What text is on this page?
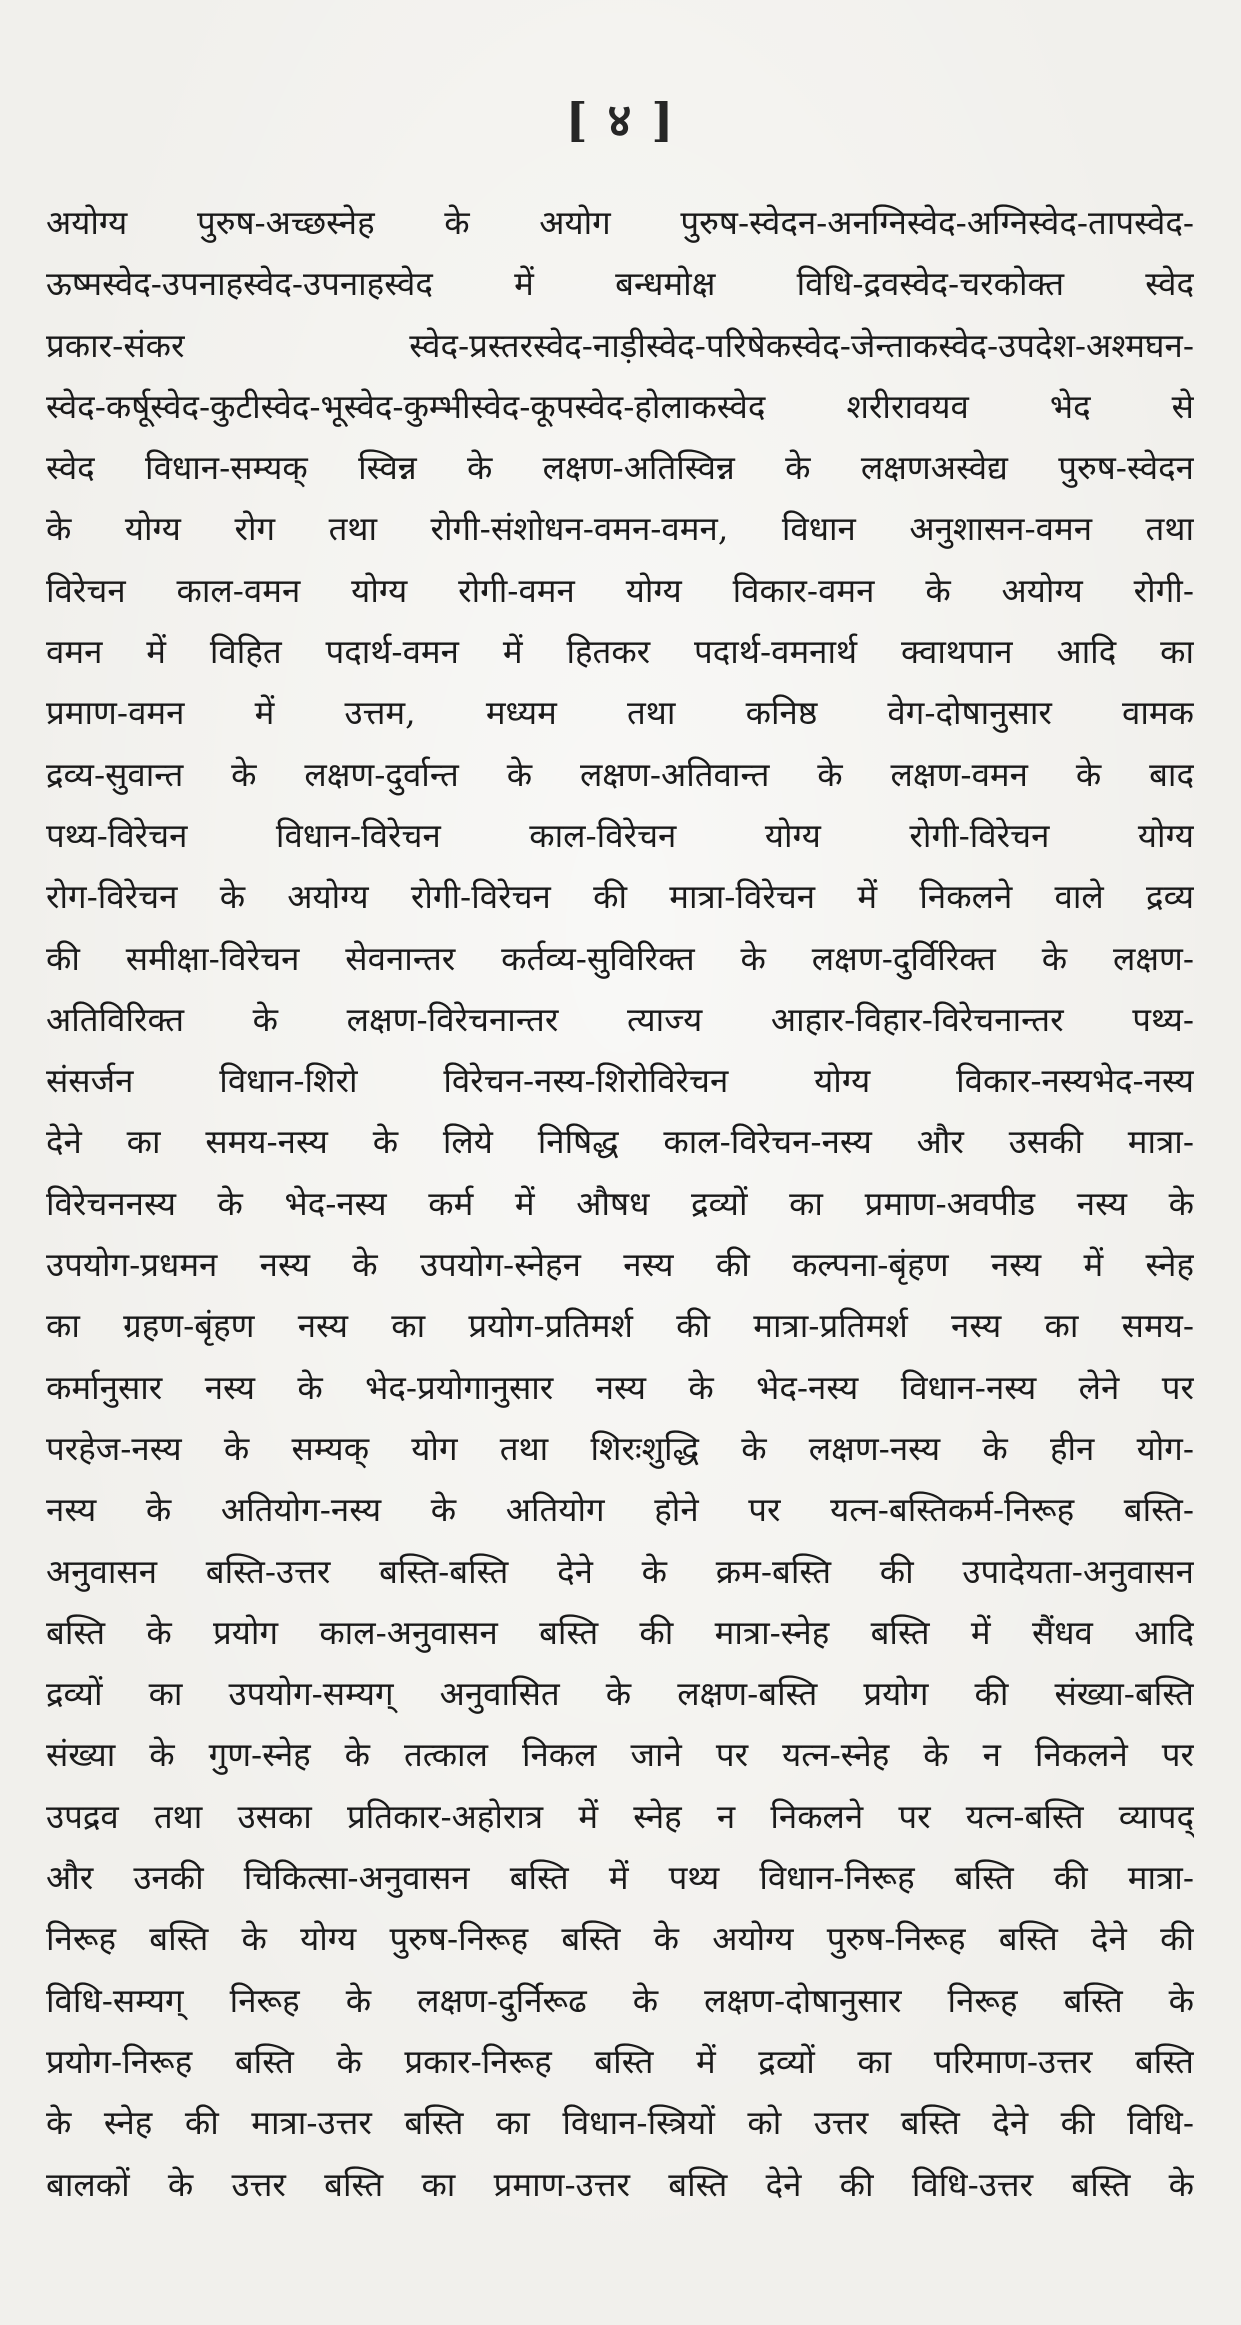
[ ४ ]
अयोग्य पुरुष-अच्छस्नेह के अयोग पुरुष-स्वेदन-अनग्निस्वेद-अग्निस्वेद-तापस्वेद-
ऊष्मस्वेद-उपनाहस्वेद-उपनाहस्वेद में बन्धमोक्ष विधि-द्रवस्वेद-चरकोक्त स्वेद
प्रकार-संकर स्वेद-प्रस्तरस्वेद-नाड़ीस्वेद-परिषेकस्वेद-जेन्ताकस्वेद-उपदेश-अश्मघन-
स्वेद-कर्षूस्वेद-कुटीस्वेद-भूस्वेद-कुम्भीस्वेद-कूपस्वेद-होलाकस्वेद शरीरावयव भेद से
स्वेद विधान-सम्यक् स्विन्न के लक्षण-अतिस्विन्न के लक्षणअस्वेद्य पुरुष-स्वेदन
के योग्य रोग तथा रोगी-संशोधन-वमन-वमन, विधान अनुशासन-वमन तथा
विरेचन काल-वमन योग्य रोगी-वमन योग्य विकार-वमन के अयोग्य रोगी-
वमन में विहित पदार्थ-वमन में हितकर पदार्थ-वमनार्थ क्वाथपान आदि का
प्रमाण-वमन में उत्तम, मध्यम तथा कनिष्ठ वेग-दोषानुसार वामक
द्रव्य-सुवान्त के लक्षण-दुर्वान्त के लक्षण-अतिवान्त के लक्षण-वमन के बाद
पथ्य-विरेचन विधान-विरेचन काल-विरेचन योग्य रोगी-विरेचन योग्य
रोग-विरेचन के अयोग्य रोगी-विरेचन की मात्रा-विरेचन में निकलने वाले द्रव्य
की समीक्षा-विरेचन सेवनान्तर कर्तव्य-सुविरिक्त के लक्षण-दुर्विरिक्त के लक्षण-
अतिविरिक्त के लक्षण-विरेचनान्तर त्याज्य आहार-विहार-विरेचनान्तर पथ्य-
संसर्जन विधान-शिरो विरेचन-नस्य-शिरोविरेचन योग्य विकार-नस्यभेद-नस्य
देने का समय-नस्य के लिये निषिद्ध काल-विरेचन-नस्य और उसकी मात्रा-
विरेचननस्य के भेद-नस्य कर्म में औषध द्रव्यों का प्रमाण-अवपीड नस्य के
उपयोग-प्रधमन नस्य के उपयोग-स्नेहन नस्य की कल्पना-बृंहण नस्य में स्नेह
का ग्रहण-बृंहण नस्य का प्रयोग-प्रतिमर्श की मात्रा-प्रतिमर्श नस्य का समय-
कर्मानुसार नस्य के भेद-प्रयोगानुसार नस्य के भेद-नस्य विधान-नस्य लेने पर
परहेज-नस्य के सम्यक् योग तथा शिरःशुद्धि के लक्षण-नस्य के हीन योग-
नस्य के अतियोग-नस्य के अतियोग होने पर यत्न-बस्तिकर्म-निरूह बस्ति-
अनुवासन बस्ति-उत्तर बस्ति-बस्ति देने के क्रम-बस्ति की उपादेयता-अनुवासन
बस्ति के प्रयोग काल-अनुवासन बस्ति की मात्रा-स्नेह बस्ति में सैंधव आदि
द्रव्यों का उपयोग-सम्यग् अनुवासित के लक्षण-बस्ति प्रयोग की संख्या-बस्ति
संख्या के गुण-स्नेह के तत्काल निकल जाने पर यत्न-स्नेह के न निकलने पर
उपद्रव तथा उसका प्रतिकार-अहोरात्र में स्नेह न निकलने पर यत्न-बस्ति व्यापद्
और उनकी चिकित्सा-अनुवासन बस्ति में पथ्य विधान-निरूह बस्ति की मात्रा-
निरूह बस्ति के योग्य पुरुष-निरूह बस्ति के अयोग्य पुरुष-निरूह बस्ति देने की
विधि-सम्यग् निरूह के लक्षण-दुर्निरूढ के लक्षण-दोषानुसार निरूह बस्ति के
प्रयोग-निरूह बस्ति के प्रकार-निरूह बस्ति में द्रव्यों का परिमाण-उत्तर बस्ति
के स्नेह की मात्रा-उत्तर बस्ति का विधान-स्त्रियों को उत्तर बस्ति देने की विधि-
बालकों के उत्तर बस्ति का प्रमाण-उत्तर बस्ति देने की विधि-उत्तर बस्ति के
